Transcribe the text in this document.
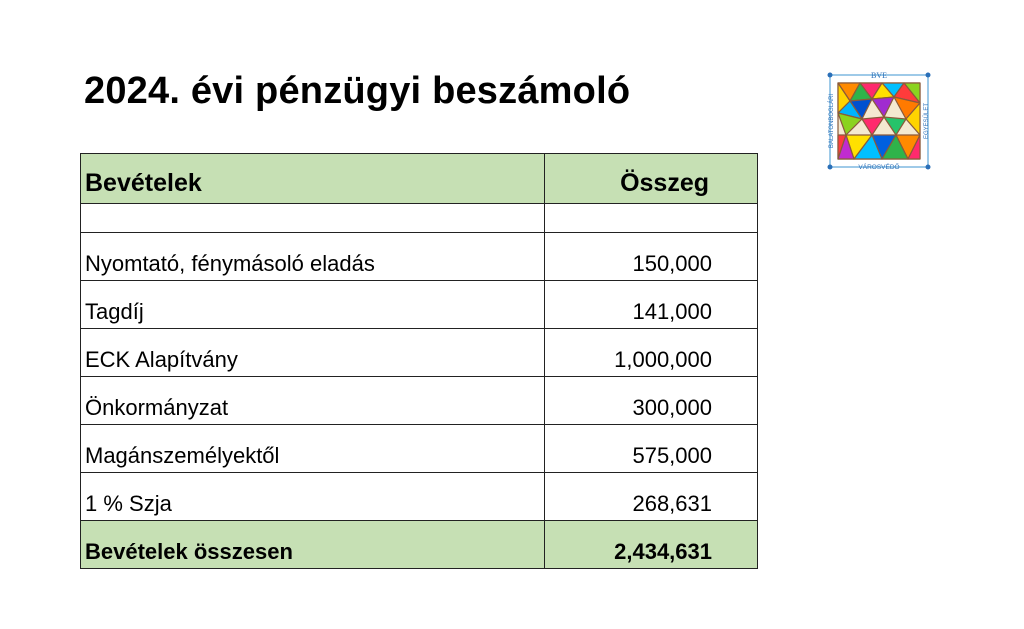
2024. évi pénzügyi beszámoló
Bevételek	Összeg

Nyomtató, fénymásoló eladás	150,000
Tagdíj	141,000
ECK Alapítvány	1,000,000
Önkormányzat	300,000
Magánszemélyektől	575,000
1 % Szja	268,631
Bevételek összesen	2,434,631
BVE
VÁROSVÉDŐ
BALATONBOGLÁRI	EGYESÜLET
